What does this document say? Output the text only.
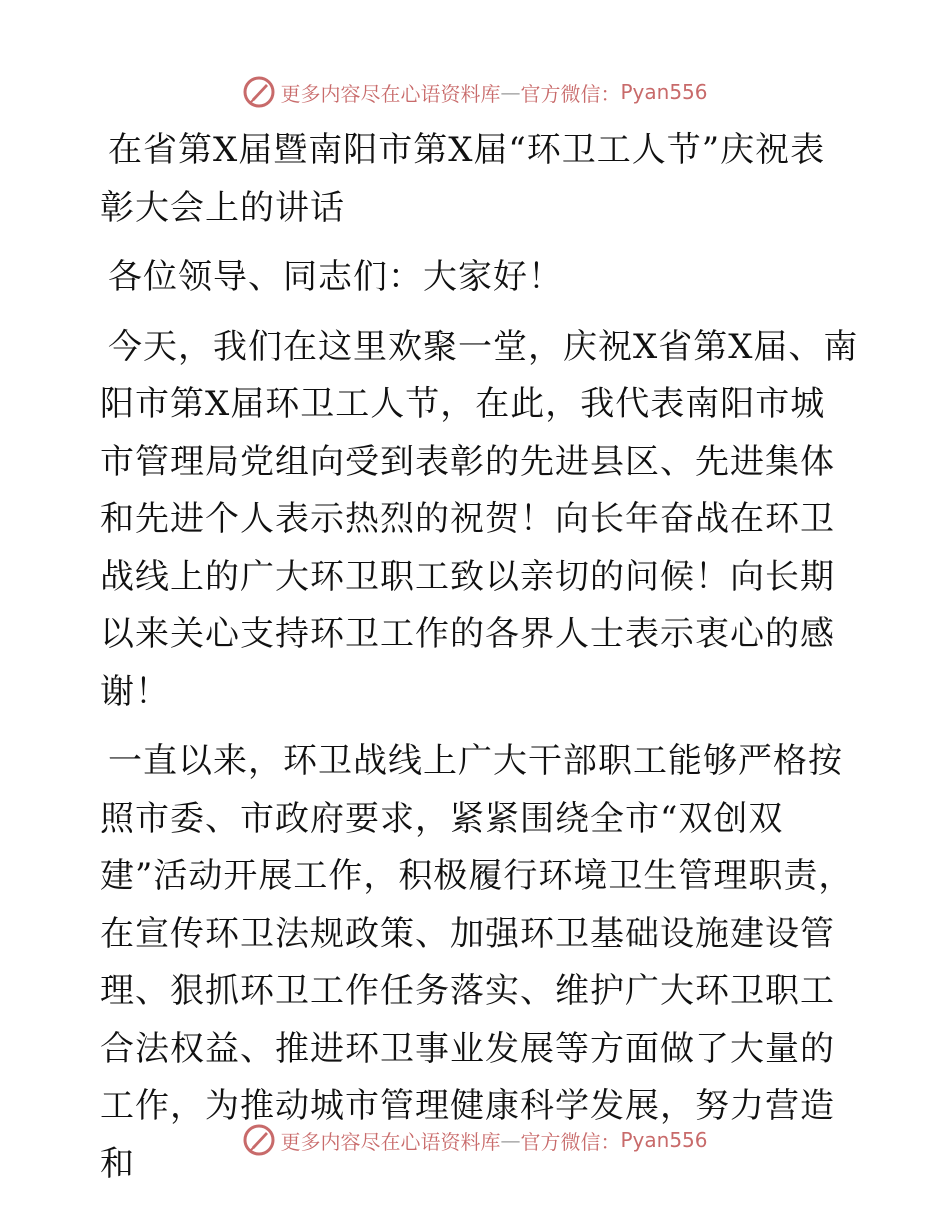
更多内容尽在心语资料库 — 官方微信： Pyan556

在省第X届暨南阳市第X届“环卫工人节”庆祝表彰大会上的讲话

各位领导、同志们：大家好！

今天，我们在这里欢聚一堂，庆祝X省第X届、南阳市第X届环卫工人节，在此，我代表南阳市城市管理局党组向受到表彰的先进县区、先进集体和先进个人表示热烈的祝贺！向长年奋战在环卫战线上的广大环卫职工致以亲切的问候！向长期以来关心支持环卫工作的各界人士表示衷心的感谢！

一直以来，环卫战线上广大干部职工能够严格按照市委、市政府要求，紧紧围绕全市“双创双建”活动开展工作，积极履行环境卫生管理职责，在宣传环卫法规政策、加强环卫基础设施建设管理、狠抓环卫工作任务落实、维护广大环卫职工合法权益、推进环卫事业发展等方面做了大量的工作，为推动城市管理健康科学发展，努力营造和

更多内容尽在心语资料库 — 官方微信： Pyan556
